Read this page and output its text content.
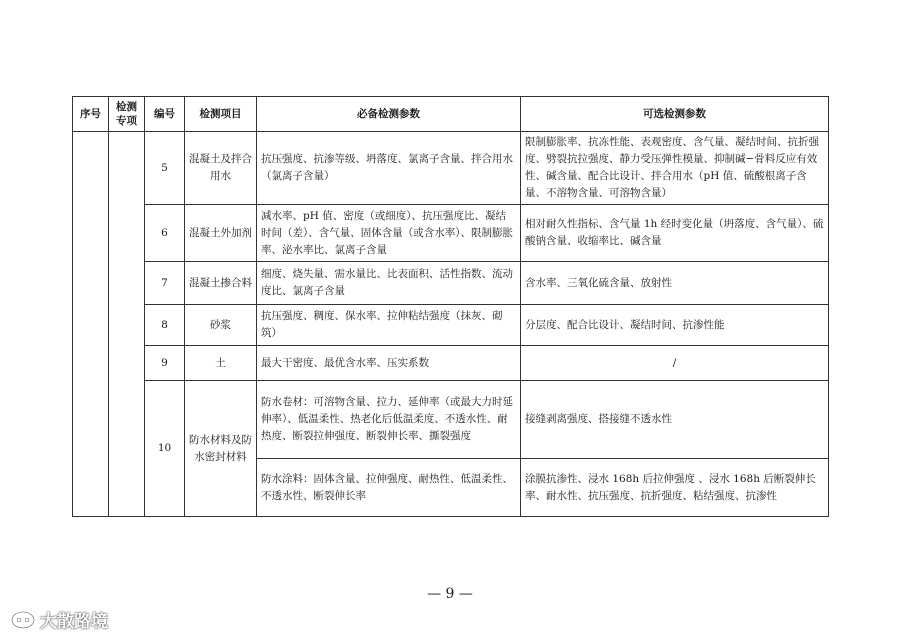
序号	检测专项	编号	检测项目	必备检测参数	可选检测参数
		5	混凝土及拌合用水	抗压强度、抗渗等级、坍落度、氯离子含量、拌合用水（氯离子含量）	限制膨胀率、抗冻性能、表观密度、含气量、凝结时间、抗折强度、劈裂抗拉强度、静力受压弹性模量、抑制碱−骨料反应有效性、碱含量、配合比设计、拌合用水（pH 值、硫酸根离子含量、不溶物含量、可溶物含量）
		6	混凝土外加剂	减水率、pH 值、密度（或细度）、抗压强度比、凝结时间（差）、含气量、固体含量（或含水率）、限制膨胀率、泌水率比、氯离子含量	相对耐久性指标、含气量 1h 经时变化量（坍落度、含气量）、硫酸钠含量、收缩率比、碱含量
		7	混凝土掺合料	细度、烧失量、需水量比、比表面积、活性指数、流动度比、氯离子含量	含水率、三氧化硫含量、放射性
		8	砂浆	抗压强度、稠度、保水率、拉伸粘结强度（抹灰、砌筑）	分层度、配合比设计、凝结时间、抗渗性能
		9	土	最大干密度、最优含水率、压实系数	/
		10	防水材料及防水密封材料	防水卷材：可溶物含量、拉力、延伸率（或最大力时延伸率）、低温柔性、热老化后低温柔度、不透水性、耐热度、断裂拉伸强度、断裂伸长率、撕裂强度	接缝剥离强度、搭接缝不透水性
				防水涂料：固体含量、拉伸强度、耐热性、低温柔性、不透水性、断裂伸长率	涂膜抗渗性、浸水 168h 后拉伸强度 、浸水 168h 后断裂伸长率、耐水性、抗压强度、抗折强度、粘结强度、抗渗性
— 9 —
大散路境
